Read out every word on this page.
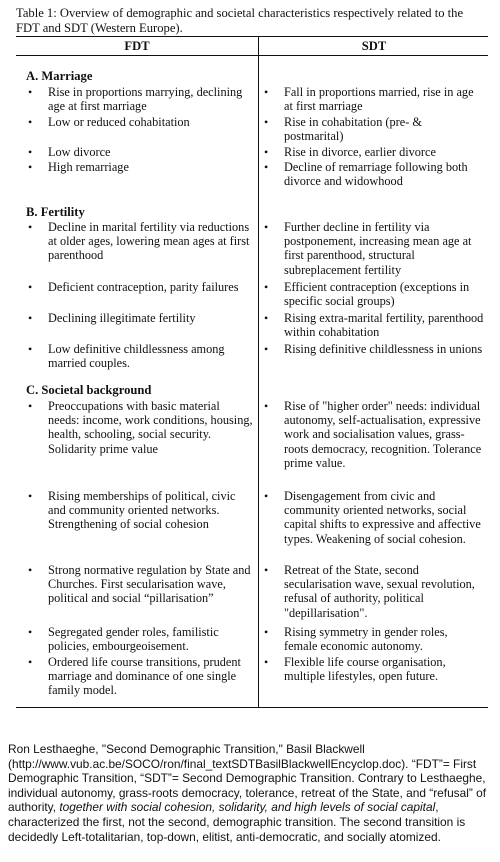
Table 1: Overview of demographic and societal characteristics respectively related to the FDT and SDT (Western Europe).
FDT	SDT
A. Marriage
B. Fertility
C. Societal background
• Rise in proportions marrying, declining age at first marriage
• Low or reduced cohabitation
• Low divorce
• High remarriage
• Decline in marital fertility via reductions at older ages, lowering mean ages at first parenthood
• Deficient contraception, parity failures
• Declining illegitimate fertility
• Low definitive childlessness among married couples.
• Preoccupations with basic material needs: income, work conditions, housing, health, schooling, social security. Solidarity prime value
• Rising memberships of political, civic and community oriented networks. Strengthening of social cohesion
• Strong normative regulation by State and Churches. First secularisation wave, political and social “pillarisation”
• Segregated gender roles, familistic policies, embourgeoisement.
• Ordered life course transitions, prudent marriage and dominance of one single family model.
• Fall in proportions married, rise in age at first marriage
• Rise in cohabitation (pre- & postmarital)
• Rise in divorce, earlier divorce
• Decline of remarriage following both divorce and widowhood
• Further decline in fertility via postponement, increasing mean age at first parenthood, structural subreplacement fertility
• Efficient contraception (exceptions in specific social groups)
• Rising extra-marital fertility, parenthood within cohabitation
• Rising definitive childlessness in unions
• Rise of "higher order" needs: individual autonomy, self-actualisation, expressive work and socialisation values, grass-roots democracy, recognition. Tolerance prime value.
• Disengagement from civic and community oriented networks, social capital shifts to expressive and affective types. Weakening of social cohesion.
• Retreat of the State, second secularisation wave, sexual revolution, refusal of authority, political "depillarisation".
• Rising symmetry in gender roles, female economic autonomy.
• Flexible life course organisation, multiple lifestyles, open future.
Ron Lesthaeghe, "Second Demographic Transition," Basil Blackwell (http://www.vub.ac.be/SOCO/ron/final_textSDTBasilBlackwellEncyclop.doc). “FDT”= First Demographic Transition, “SDT”= Second Demographic Transition. Contrary to Lesthaeghe, individual autonomy, grass-roots democracy, tolerance, retreat of the State, and “refusal” of authority, together with social cohesion, solidarity, and high levels of social capital, characterized the first, not the second, demographic transition. The second transition is decidedly Left-totalitarian, top-down, elitist, anti-democratic, and socially atomized.
